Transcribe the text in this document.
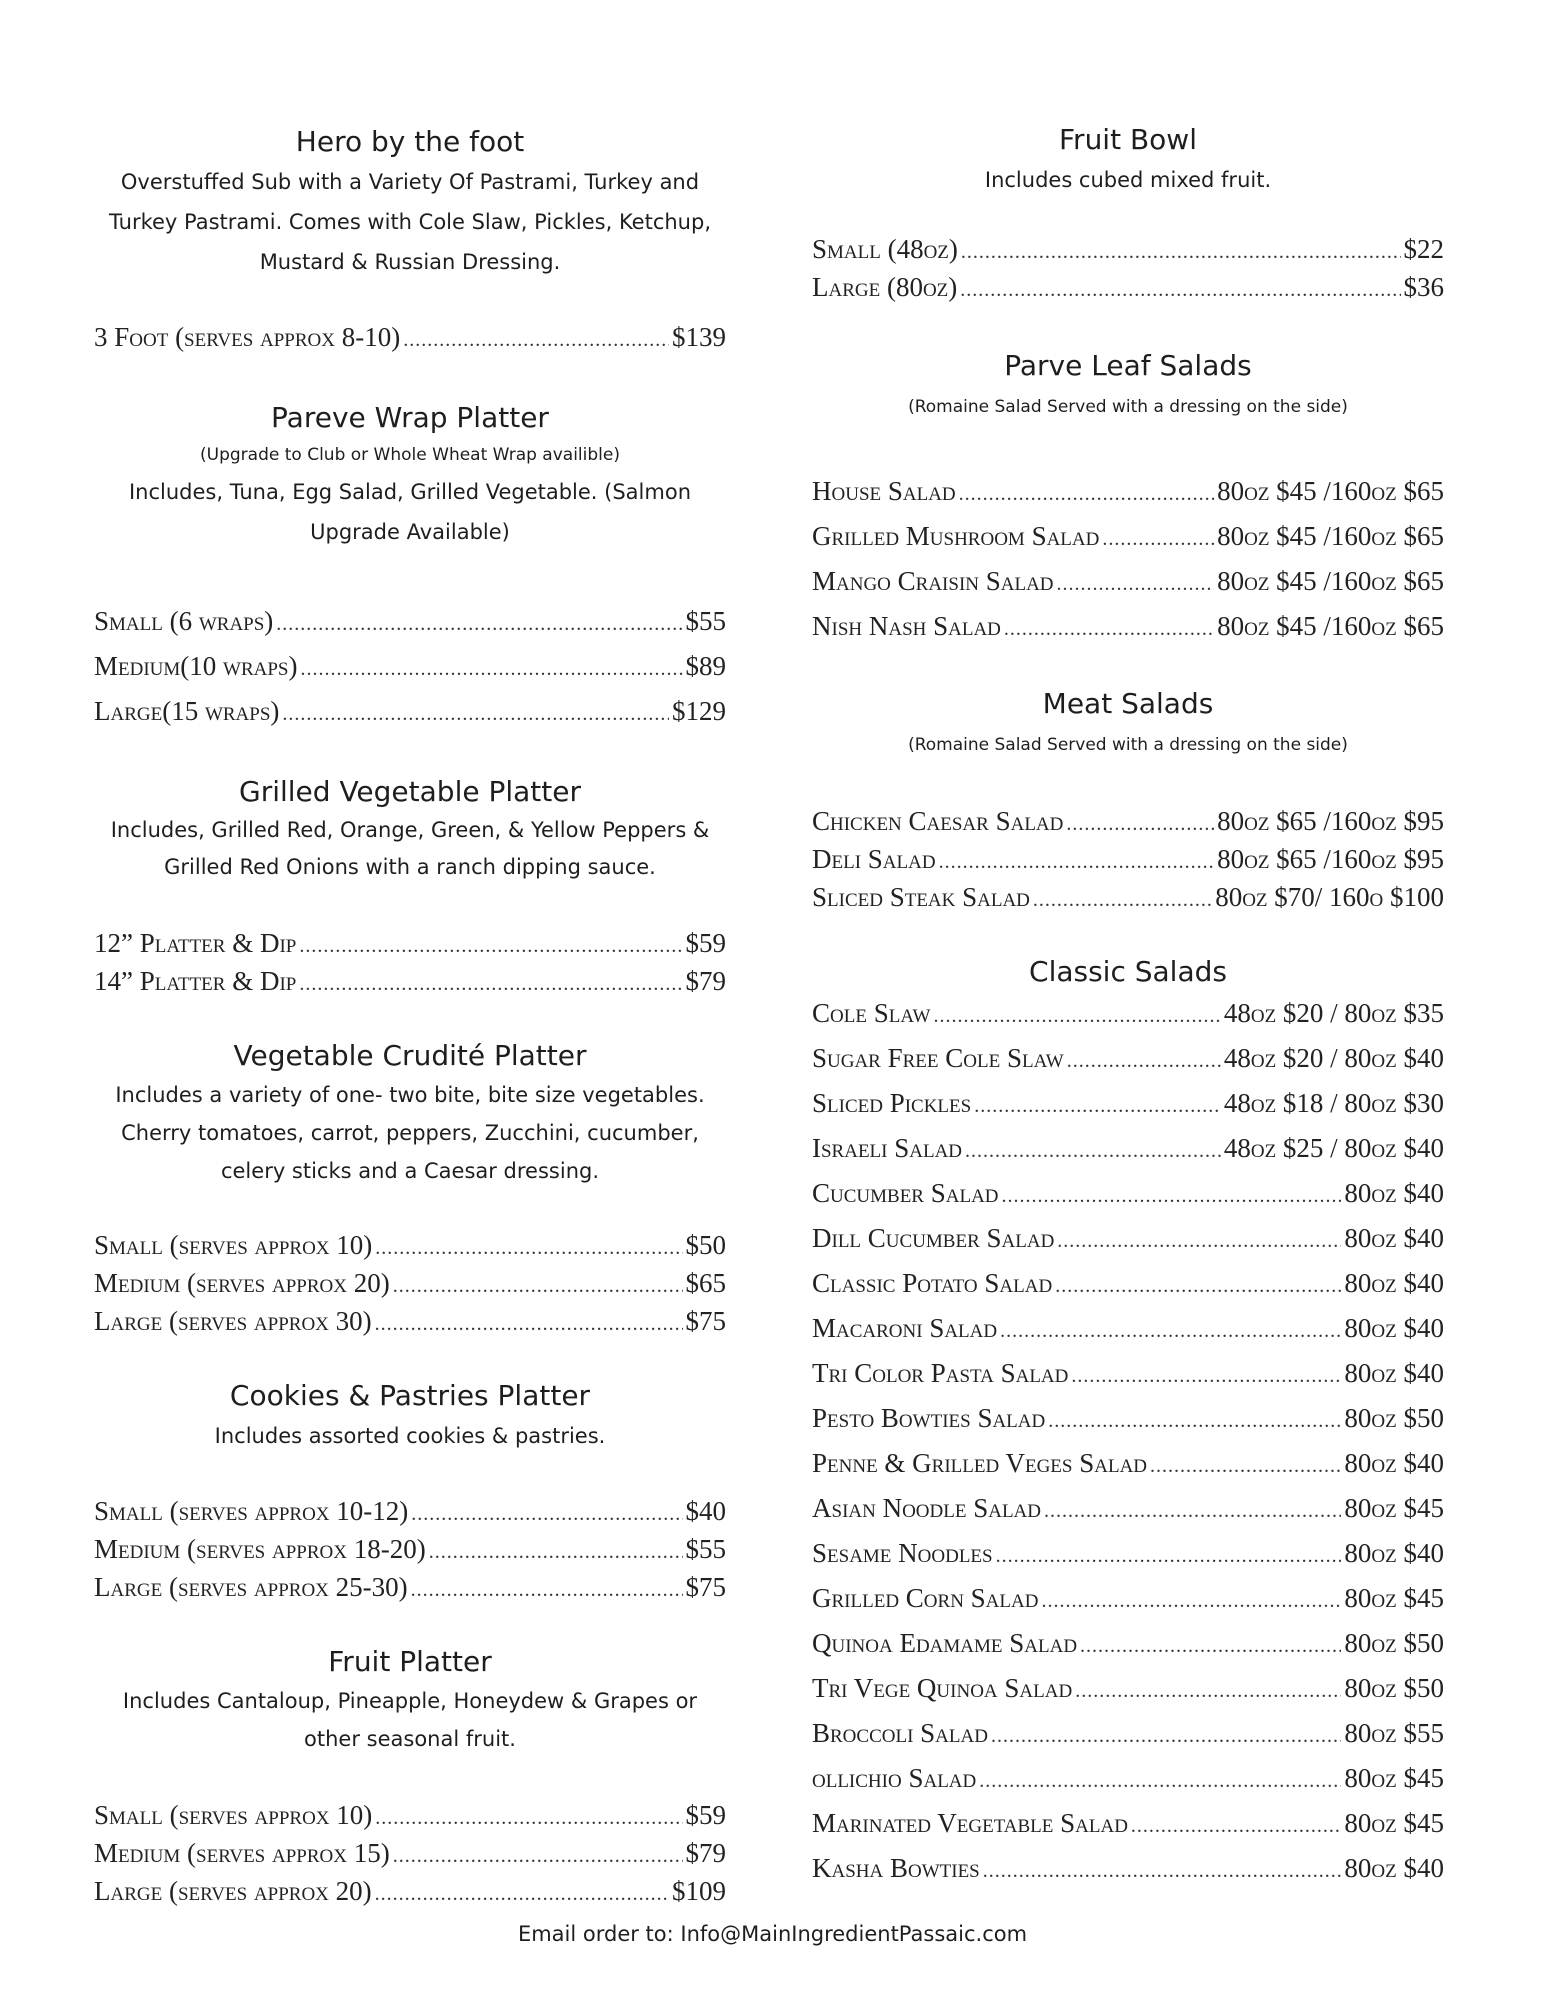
Hero by the foot
Overstuffed Sub with a Variety Of Pastrami, Turkey and Turkey Pastrami. Comes with Cole Slaw, Pickles, Ketchup, Mustard & Russian Dressing.
3 Foot (serves approx 8-10) .....	$139
Pareve Wrap Platter
(Upgrade to Club or Whole Wheat Wrap availible)
Includes, Tuna, Egg Salad, Grilled Vegetable. (Salmon Upgrade Available)
Small (6 wraps) .....	$55
Medium(10 wraps) .....	$89
Large(15 wraps) .....	$129
Grilled Vegetable Platter
Includes, Grilled Red, Orange, Green, & Yellow Peppers & Grilled Red Onions with a ranch dipping sauce.
12” Platter & Dip .....	$59
14” Platter & Dip .....	$79
Vegetable Crudité Platter
Includes a variety of one- two bite, bite size vegetables. Cherry tomatoes, carrot, peppers, Zucchini, cucumber, celery sticks and a Caesar dressing.
Small (serves approx 10) .....	$50
Medium (serves approx 20) .....	$65
Large (serves approx 30) .....	$75
Cookies & Pastries Platter
Includes assorted cookies & pastries.
Small (serves approx 10-12) .....	$40
Medium (serves approx 18-20) .....	$55
Large (serves approx 25-30) .....	$75
Fruit Platter
Includes Cantaloup, Pineapple, Honeydew & Grapes or other seasonal fruit.
Small (serves approx 10) .....	$59
Medium (serves approx 15) .....	$79
Large (serves approx 20) .....	$109
Fruit Bowl
Includes cubed mixed fruit.
Small (48oz) .....	$22
Large (80oz) .....	$36
Parve Leaf Salads
(Romaine Salad Served with a dressing on the side)
House Salad .....	80oz $45 /160oz $65
Grilled Mushroom Salad .....	80oz $45 /160oz $65
Mango Craisin Salad .....	80oz $45 /160oz $65
Nish Nash Salad .....	80oz $45 /160oz $65
Meat Salads
(Romaine Salad Served with a dressing on the side)
Chicken Caesar Salad .....	80oz $65 /160oz $95
Deli Salad .....	80oz $65 /160oz $95
Sliced Steak Salad .....	80oz $70/ 160o $100
Classic Salads
Cole Slaw .....	48oz $20 / 80oz $35
Sugar Free Cole Slaw .....	48oz $20 / 80oz $40
Sliced Pickles .....	48oz $18 / 80oz $30
Israeli Salad .....	48oz $25 / 80oz $40
Cucumber Salad .....	80oz $40
Dill Cucumber Salad .....	80oz $40
Classic Potato Salad .....	80oz $40
Macaroni Salad .....	80oz $40
Tri Color Pasta Salad .....	80oz $40
Pesto Bowties Salad .....	80oz $50
Penne & Grilled Veges Salad .....	80oz $40
Asian Noodle Salad .....	80oz $45
Sesame Noodles .....	80oz $40
Grilled Corn Salad .....	80oz $45
Quinoa Edamame Salad .....	80oz $50
Tri Vege Quinoa Salad .....	80oz $50
Broccoli Salad .....	80oz $55
ollichio Salad .....	80oz $45
Marinated Vegetable Salad .....	80oz $45
Kasha Bowties .....	80oz $40
Email order to: Info@MainIngredientPassaic.com
